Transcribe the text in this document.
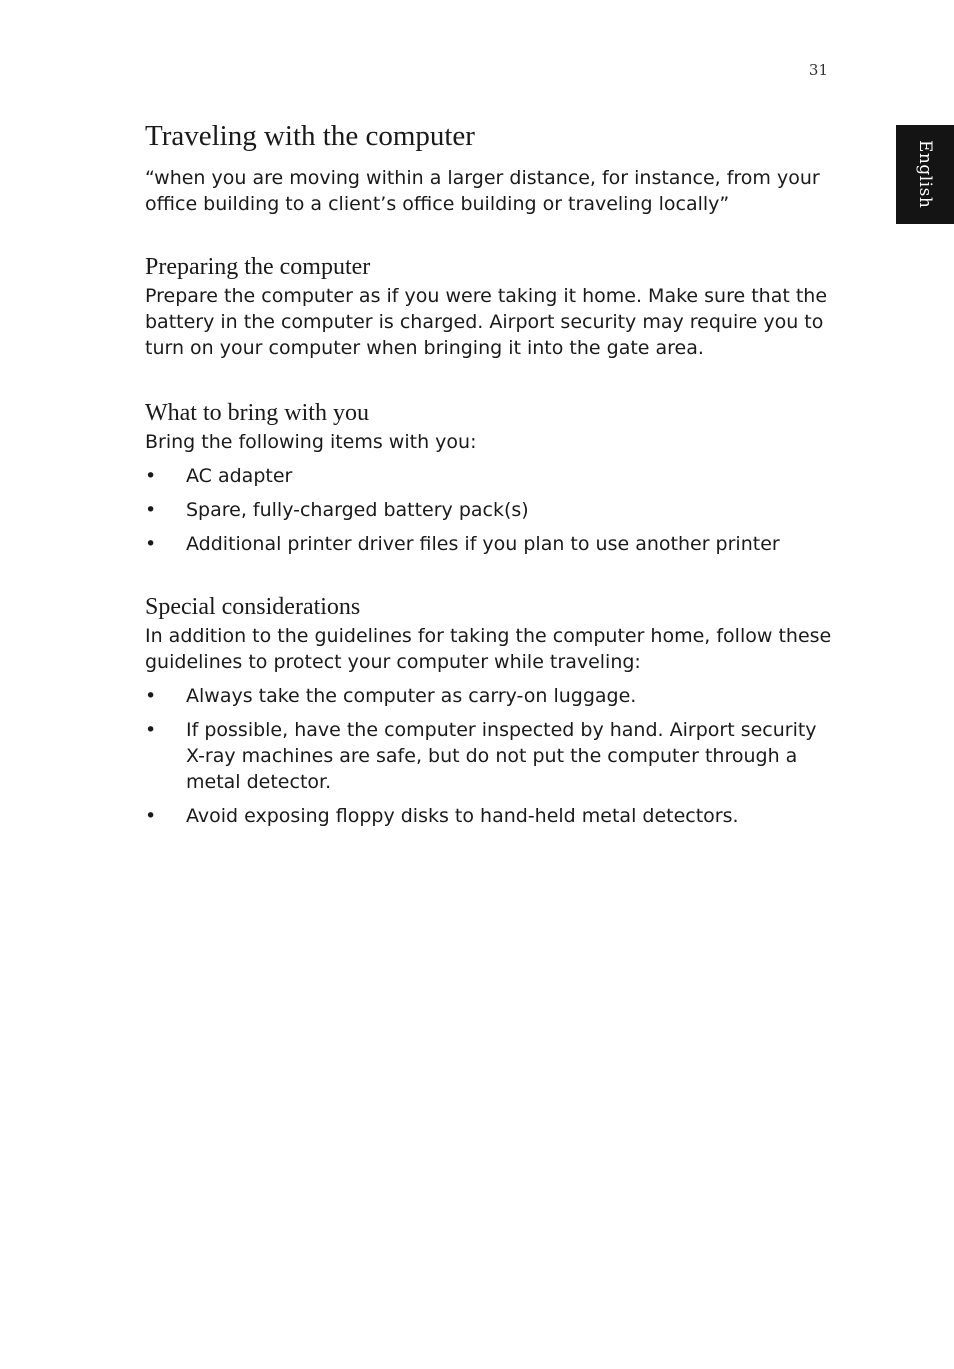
31
English
Traveling with the computer

“when you are moving within a larger distance, for instance, from your office building to a client’s office building or traveling locally”

Preparing the computer

Prepare the computer as if you were taking it home. Make sure that the battery in the computer is charged. Airport security may require you to turn on your computer when bringing it into the gate area.

What to bring with you

Bring the following items with you:

•	AC adapter
•	Spare, fully-charged battery pack(s)
•	Additional printer driver files if you plan to use another printer
Special considerations

In addition to the guidelines for taking the computer home, follow these guidelines to protect your computer while traveling:

•	Always take the computer as carry-on luggage.
•	If possible, have the computer inspected by hand. Airport security X-ray machines are safe, but do not put the computer through a metal detector.
•	Avoid exposing floppy disks to hand-held metal detectors.
